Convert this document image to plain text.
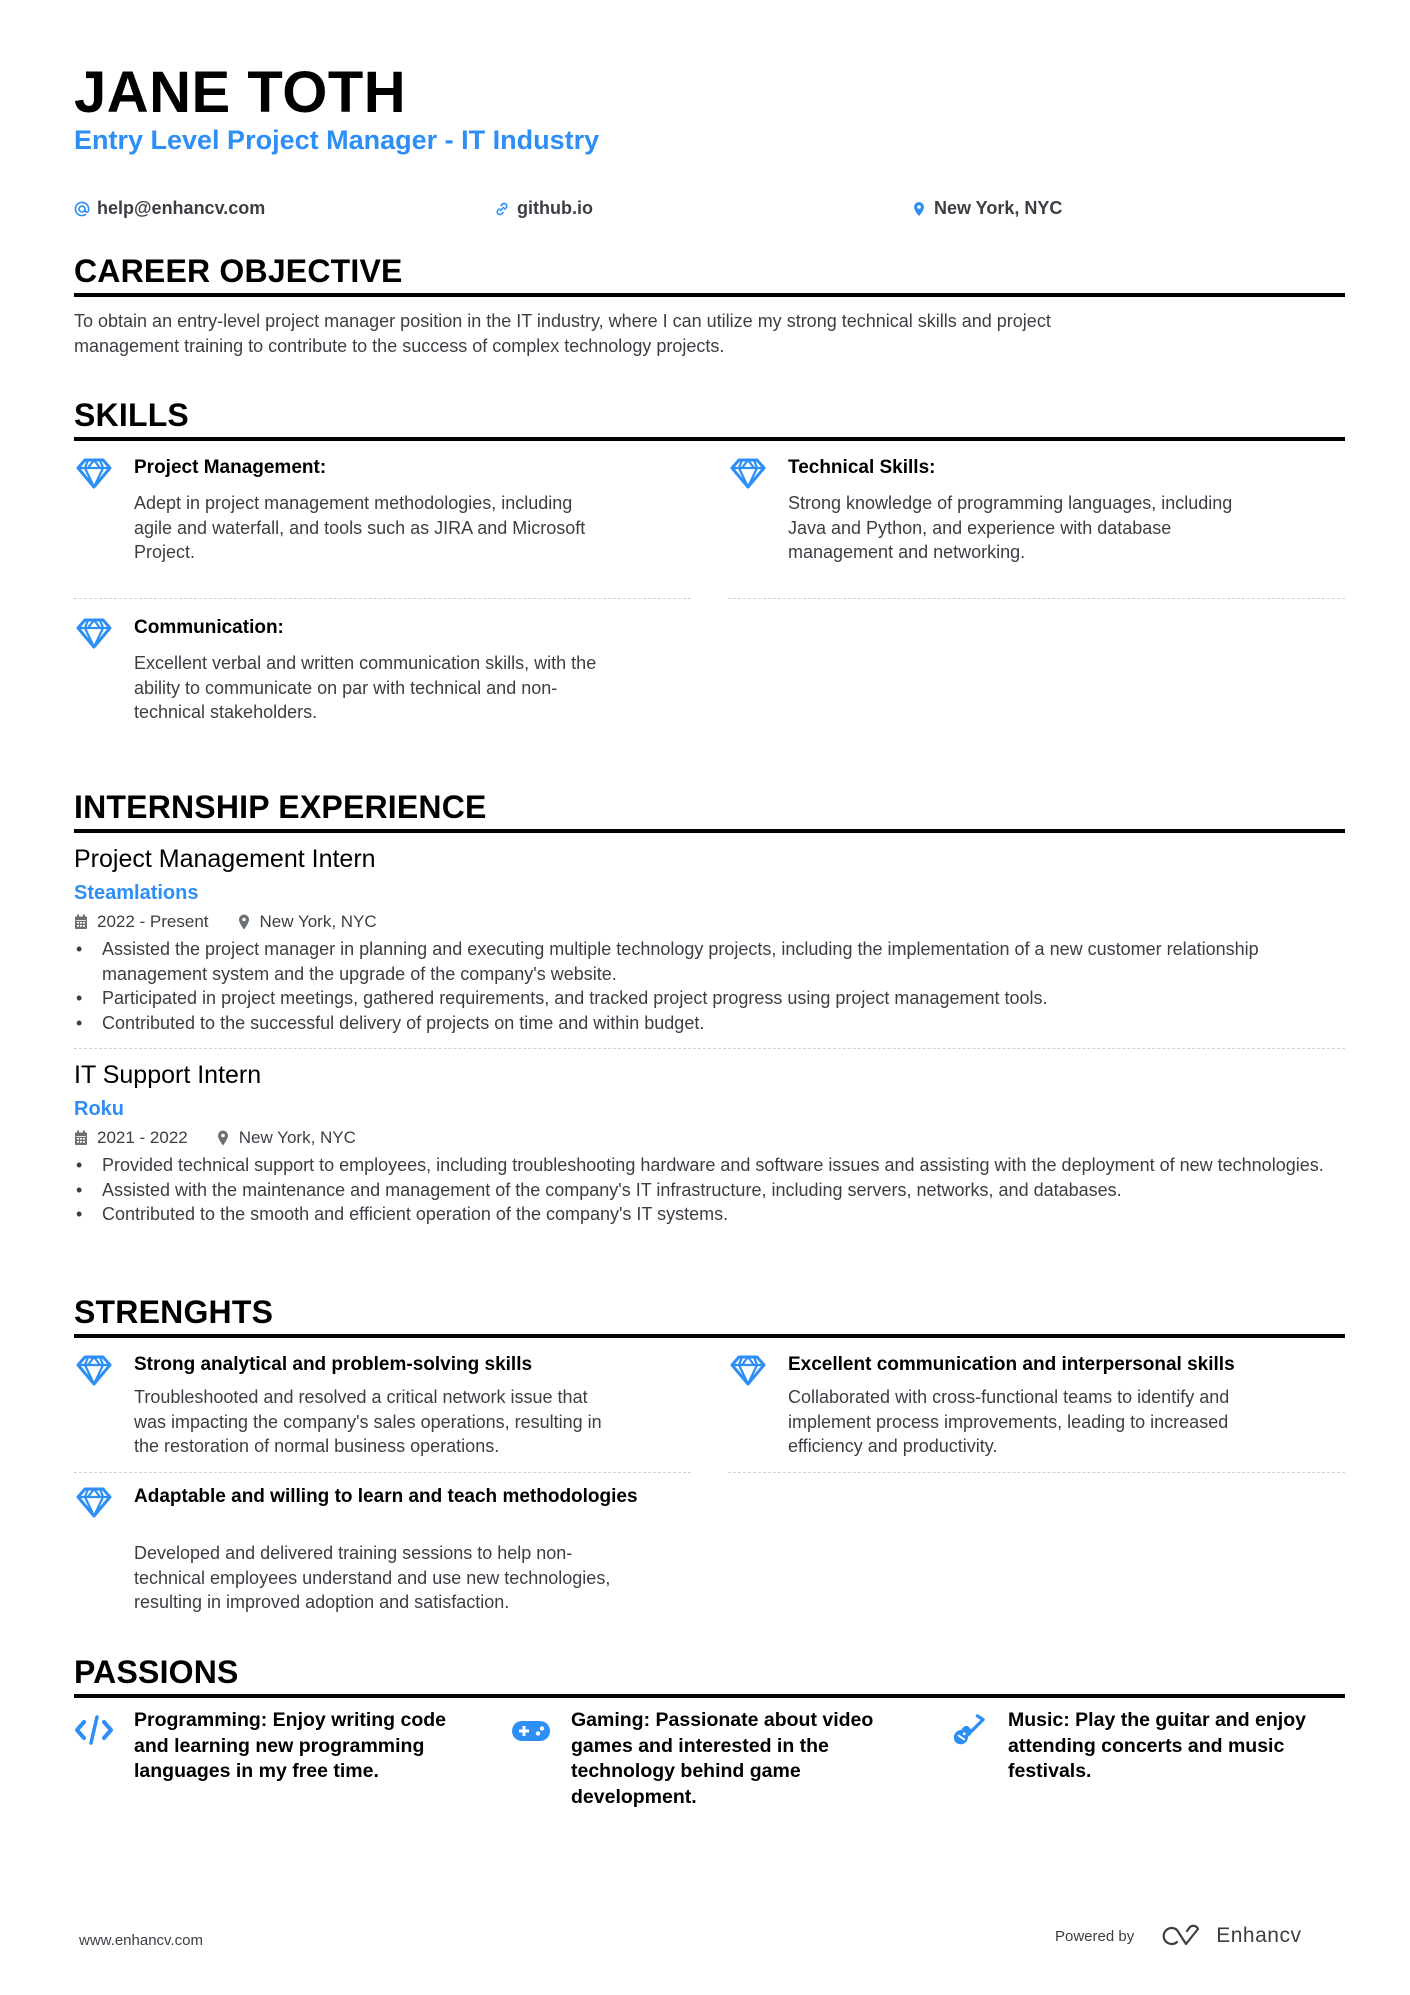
JANE TOTH
Entry Level Project Manager - IT Industry
help@enhancv.com	github.io	New York, NYC
CAREER OBJECTIVE
To obtain an entry-level project manager position in the IT industry, where I can utilize my strong technical skills and project
management training to contribute to the success of complex technology projects.
SKILLS
Project Management:
Adept in project management methodologies, including
agile and waterfall, and tools such as JIRA and Microsoft
Project.
Technical Skills:
Strong knowledge of programming languages, including
Java and Python, and experience with database
management and networking.
Communication:
Excellent verbal and written communication skills, with the
ability to communicate on par with technical and non-
technical stakeholders.
INTERNSHIP EXPERIENCE
Project Management Intern
Steamlations
2022 - Present	New York, NYC
• Assisted the project manager in planning and executing multiple technology projects, including the implementation of a new customer relationship management system and the upgrade of the company's website.
• Participated in project meetings, gathered requirements, and tracked project progress using project management tools.
• Contributed to the successful delivery of projects on time and within budget.
IT Support Intern
Roku
2021 - 2022	New York, NYC
• Provided technical support to employees, including troubleshooting hardware and software issues and assisting with the deployment of new technologies.
• Assisted with the maintenance and management of the company's IT infrastructure, including servers, networks, and databases.
• Contributed to the smooth and efficient operation of the company's IT systems.
STRENGHTS
Strong analytical and problem-solving skills
Troubleshooted and resolved a critical network issue that
was impacting the company's sales operations, resulting in
the restoration of normal business operations.
Excellent communication and interpersonal skills
Collaborated with cross-functional teams to identify and
implement process improvements, leading to increased
efficiency and productivity.
Adaptable and willing to learn and teach methodologies
Developed and delivered training sessions to help non-
technical employees understand and use new technologies,
resulting in improved adoption and satisfaction.
PASSIONS
Programming: Enjoy writing code and learning new programming languages in my free time.
Gaming: Passionate about video games and interested in the technology behind game development.
Music: Play the guitar and enjoy attending concerts and music festivals.
www.enhancv.com	Powered by	Enhancv
